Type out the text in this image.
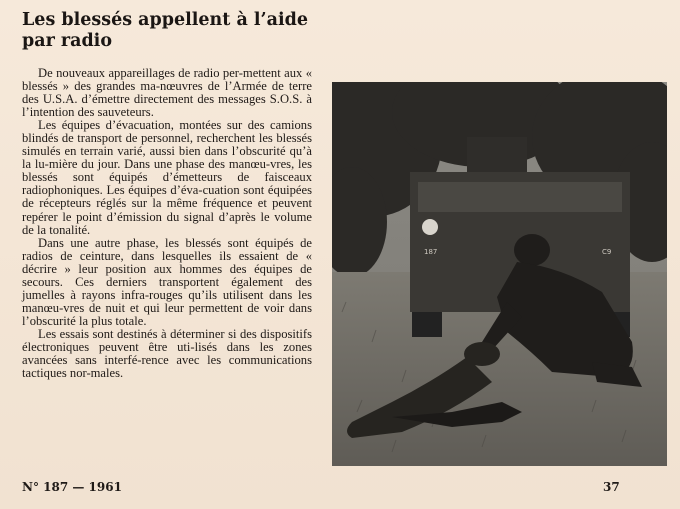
Les blessés appellent à l’aide par radio

De nouveaux appareillages de radio per-mettent aux « blessés » des grandes ma-nœuvres de l’Armée de terre des U.S.A. d’émettre directement des messages S.O.S. à l’intention des sauveteurs.

Les équipes d’évacuation, montées sur des camions blindés de transport de personnel, recherchent les blessés simulés en terrain varié, aussi bien dans l’obscurité qu’à la lu-mière du jour. Dans une phase des manœu-vres, les blessés sont équipés d’émetteurs de faisceaux radiophoniques. Les équipes d’éva-cuation sont équipées de récepteurs réglés sur la même fréquence et peuvent repérer le point d’émission du signal d’après le volume de la tonalité.

Dans une autre phase, les blessés sont équipés de radios de ceinture, dans lesquelles ils essaient de « décrire » leur position aux hommes des équipes de secours. Ces derniers transportent également des jumelles à rayons infra-rouges qu’ils utilisent dans les manœu-vres de nuit et qui leur permettent de voir dans l’obscurité la plus totale.

Les essais sont destinés à déterminer si des dispositifs électroniques peuvent être uti-lisés dans les zones avancées sans interfé-rence avec les communications tactiques nor-males.

187	C9
N° 187 — 1961	37
